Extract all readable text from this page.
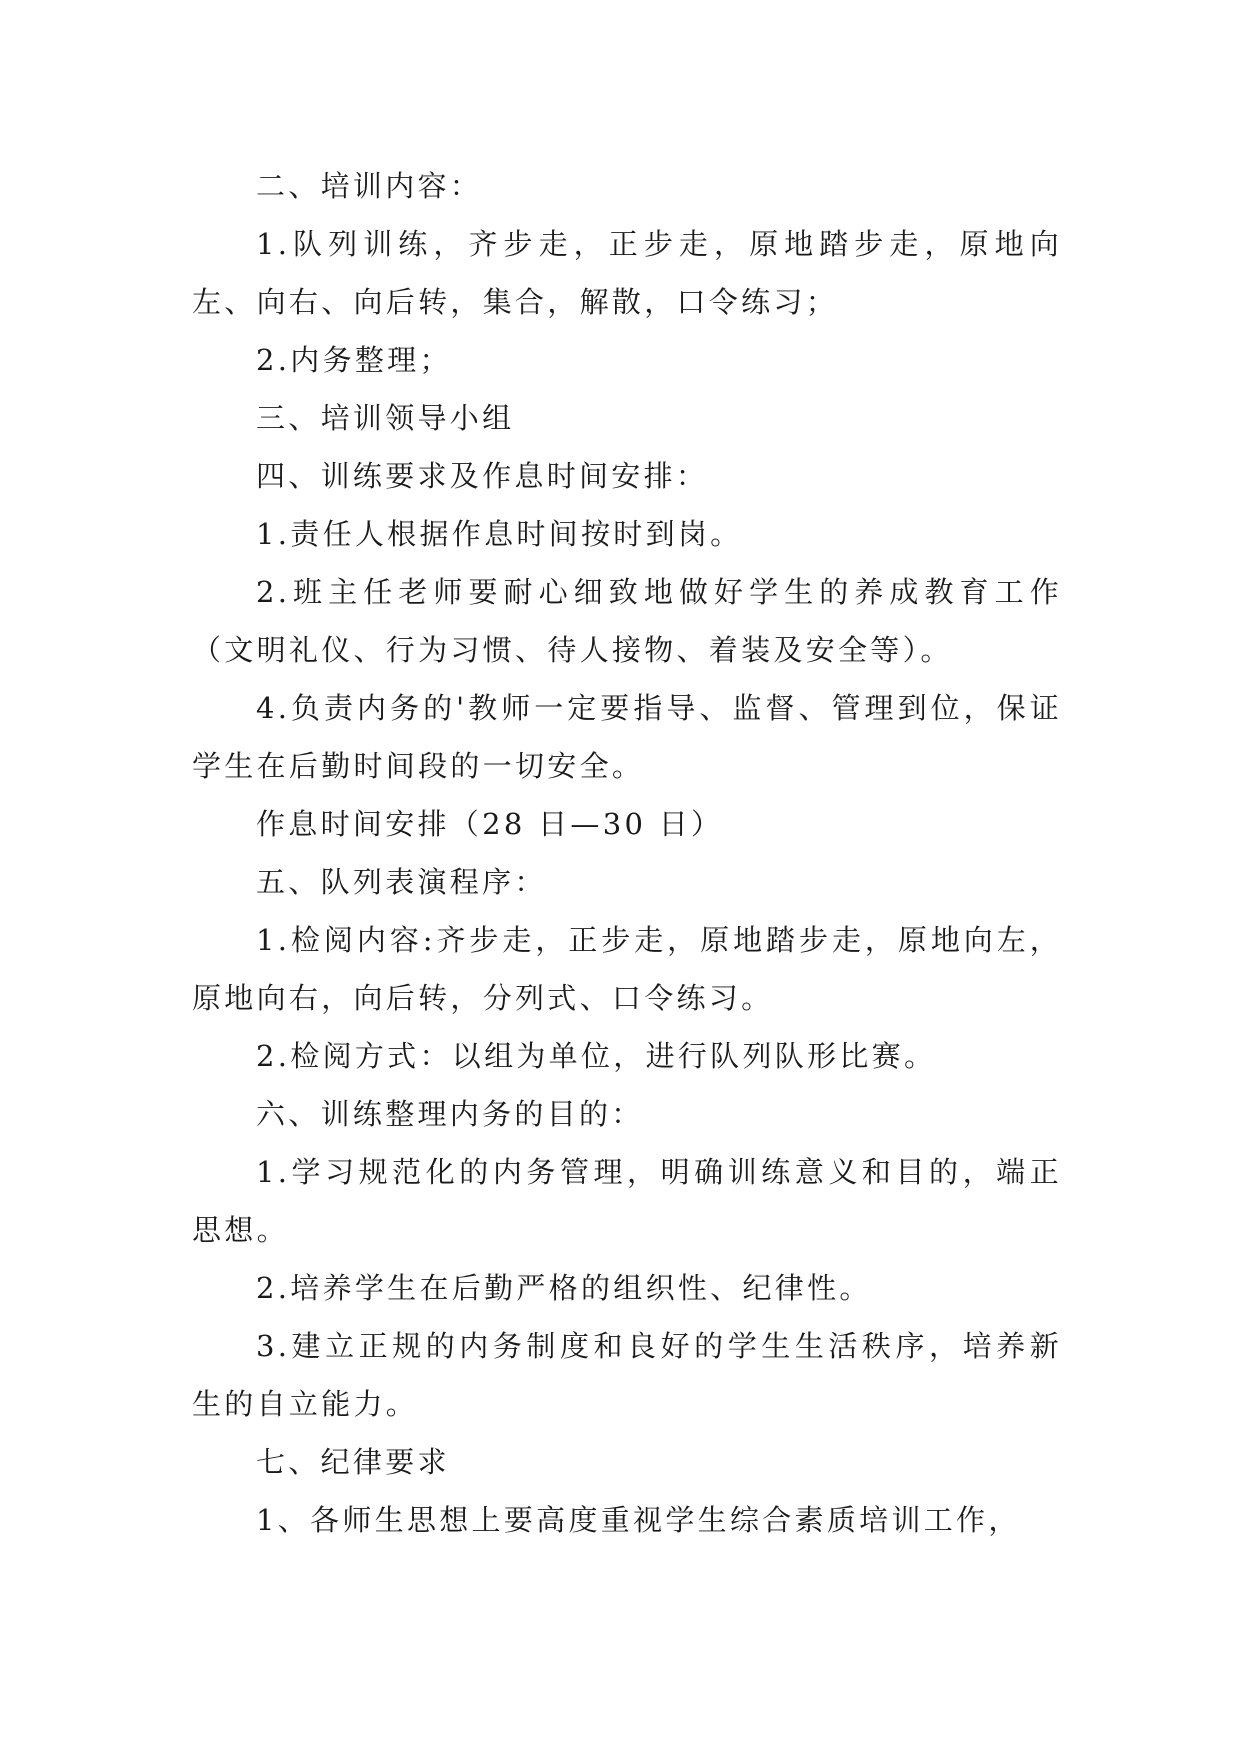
二、培训内容：

1.队列训练，齐步走，正步走，原地踏步走，原地向左、向右、向后转，集合，解散，口令练习；

2.内务整理；

三、培训领导小组

四、训练要求及作息时间安排：

1.责任人根据作息时间按时到岗。

2.班主任老师要耐心细致地做好学生的养成教育工作（文明礼仪、行为习惯、待人接物、着装及安全等）。

4.负责内务的'教师一定要指导、监督、管理到位，保证学生在后勤时间段的一切安全。

作息时间安排（28 日—30 日）

五、队列表演程序：

1.检阅内容:齐步走，正步走，原地踏步走，原地向左，原地向右，向后转，分列式、口令练习。

2.检阅方式：以组为单位，进行队列队形比赛。

六、训练整理内务的目的：

1.学习规范化的内务管理，明确训练意义和目的，端正思想。

2.培养学生在后勤严格的组织性、纪律性。

3.建立正规的内务制度和良好的学生生活秩序，培养新生的自立能力。

七、纪律要求

1、各师生思想上要高度重视学生综合素质培训工作，
